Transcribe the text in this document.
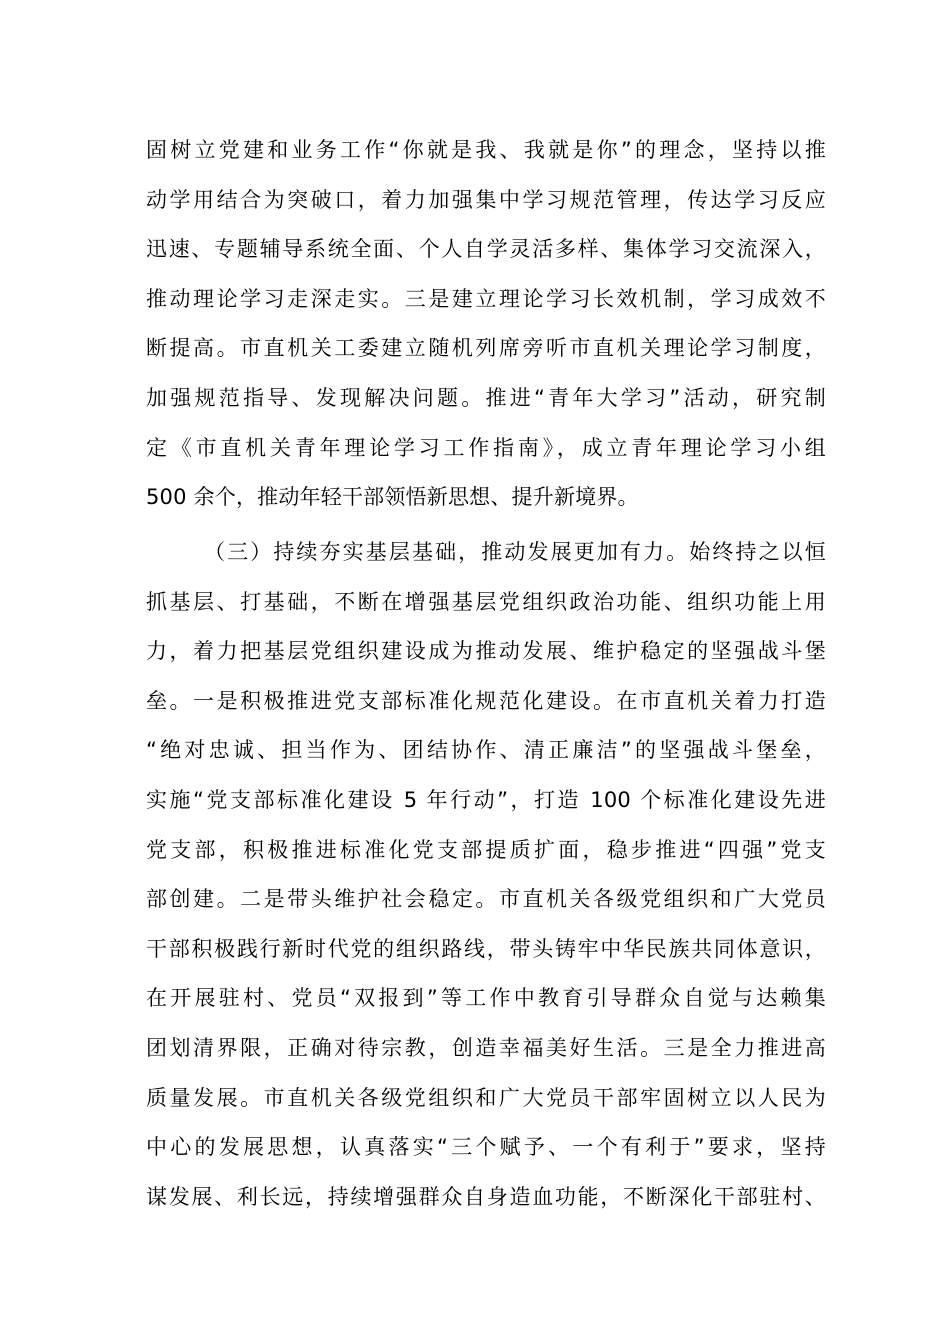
固树立党建和业务工作“你就是我、我就是你”的理念，坚持以推
动学用结合为突破口，着力加强集中学习规范管理，传达学习反应
迅速、专题辅导系统全面、个人自学灵活多样、集体学习交流深入，
推动理论学习走深走实。三是建立理论学习长效机制，学习成效不
断提高。市直机关工委建立随机列席旁听市直机关理论学习制度，
加强规范指导、发现解决问题。推进“青年大学习”活动，研究制
定《市直机关青年理论学习工作指南》，成立青年理论学习小组
500 余个，推动年轻干部领悟新思想、提升新境界。
（三）持续夯实基层基础，推动发展更加有力。始终持之以恒
抓基层、打基础，不断在增强基层党组织政治功能、组织功能上用
力，着力把基层党组织建设成为推动发展、维护稳定的坚强战斗堡
垒。一是积极推进党支部标准化规范化建设。在市直机关着力打造
“绝对忠诚、担当作为、团结协作、清正廉洁”的坚强战斗堡垒，
实施“党支部标准化建设 5 年行动”，打造 100 个标准化建设先进
党支部，积极推进标准化党支部提质扩面，稳步推进“四强”党支
部创建。二是带头维护社会稳定。市直机关各级党组织和广大党员
干部积极践行新时代党的组织路线，带头铸牢中华民族共同体意识，
在开展驻村、党员“双报到”等工作中教育引导群众自觉与达赖集
团划清界限，正确对待宗教，创造幸福美好生活。三是全力推进高
质量发展。市直机关各级党组织和广大党员干部牢固树立以人民为
中心的发展思想，认真落实“三个赋予、一个有利于”要求，坚持
谋发展、利长远，持续增强群众自身造血功能，不断深化干部驻村、
